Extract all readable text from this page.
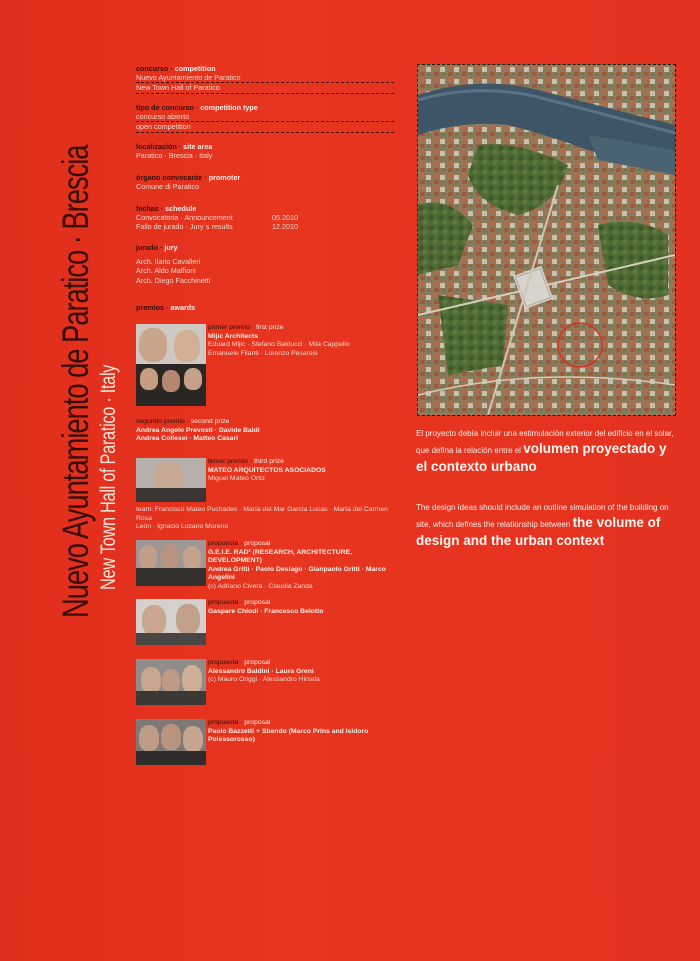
Nuevo Ayuntamiento de Paratico · Brescia New Town Hall of Paratico · Italy
concurso · competition
Nuevo Ayuntamiento de Paratico
New Town Hall of Paratico
tipo de concurso · competition type
concurso abierto
open competition
localización · site area
Paratico · Brescia · Italy
órgano convocante · promoter
Comune di Paratico
fechas · schedule
Convocatoria · Announcement	05.2010
Fallo de jurado · Jury´s results	12.2010
jurado · jury
Arch. Ilario Cavalleri
Arch. Aldo Maffioni
Arch. Diego Facchinetti
premios · awards
primer premio · first prize
Mijic Architects
Eduard Mijic · Stefano Balducci · Mila Cappello
Emanuele Filanti · Lorenzo Pesaresi
segundo premio · second prize
Andrea Angelo Prevosti · Davide Baldi
Andrea Collesei · Matteo Casari
tercer premio · third prize
MATEO ARQUITECTOS ASOCIADOS
Miguel Mateo Ortiz
team: Francisco Mateo Puchades · María del Mar García Lucas · María del Carmen Rosa
León · Ignacio Lozano Moreno
propuesta · proposal
G.E.I.E. RAD² (RESEARCH, ARCHITECTURE, DEVELOPMENT)
Andrea Gritti · Paolo Desiago · Gianpaolo Gritti · Marco Angelini
(c) Adriano Civera · Claudia Zanda
propuesta · proposal
Gaspare Chiodi · Francesco Belotto
propuesta · proposal
Alessandro Baldini · Laura Greni
(c) Mauro Origgi · Alessandro Hirsela
propuesta · proposal
Paolo Bazzetti + Sbendo (Marco Prins and Isidoro Polessorosso)
El proyecto debía incluir una estimulación exterior del edificio en el solar, que defina la relación entre el volumen proyectado y el contexto urbano
The design ideas should include an outline simulation of the building on site, which defines the relationship between the volume of design and the urban context
